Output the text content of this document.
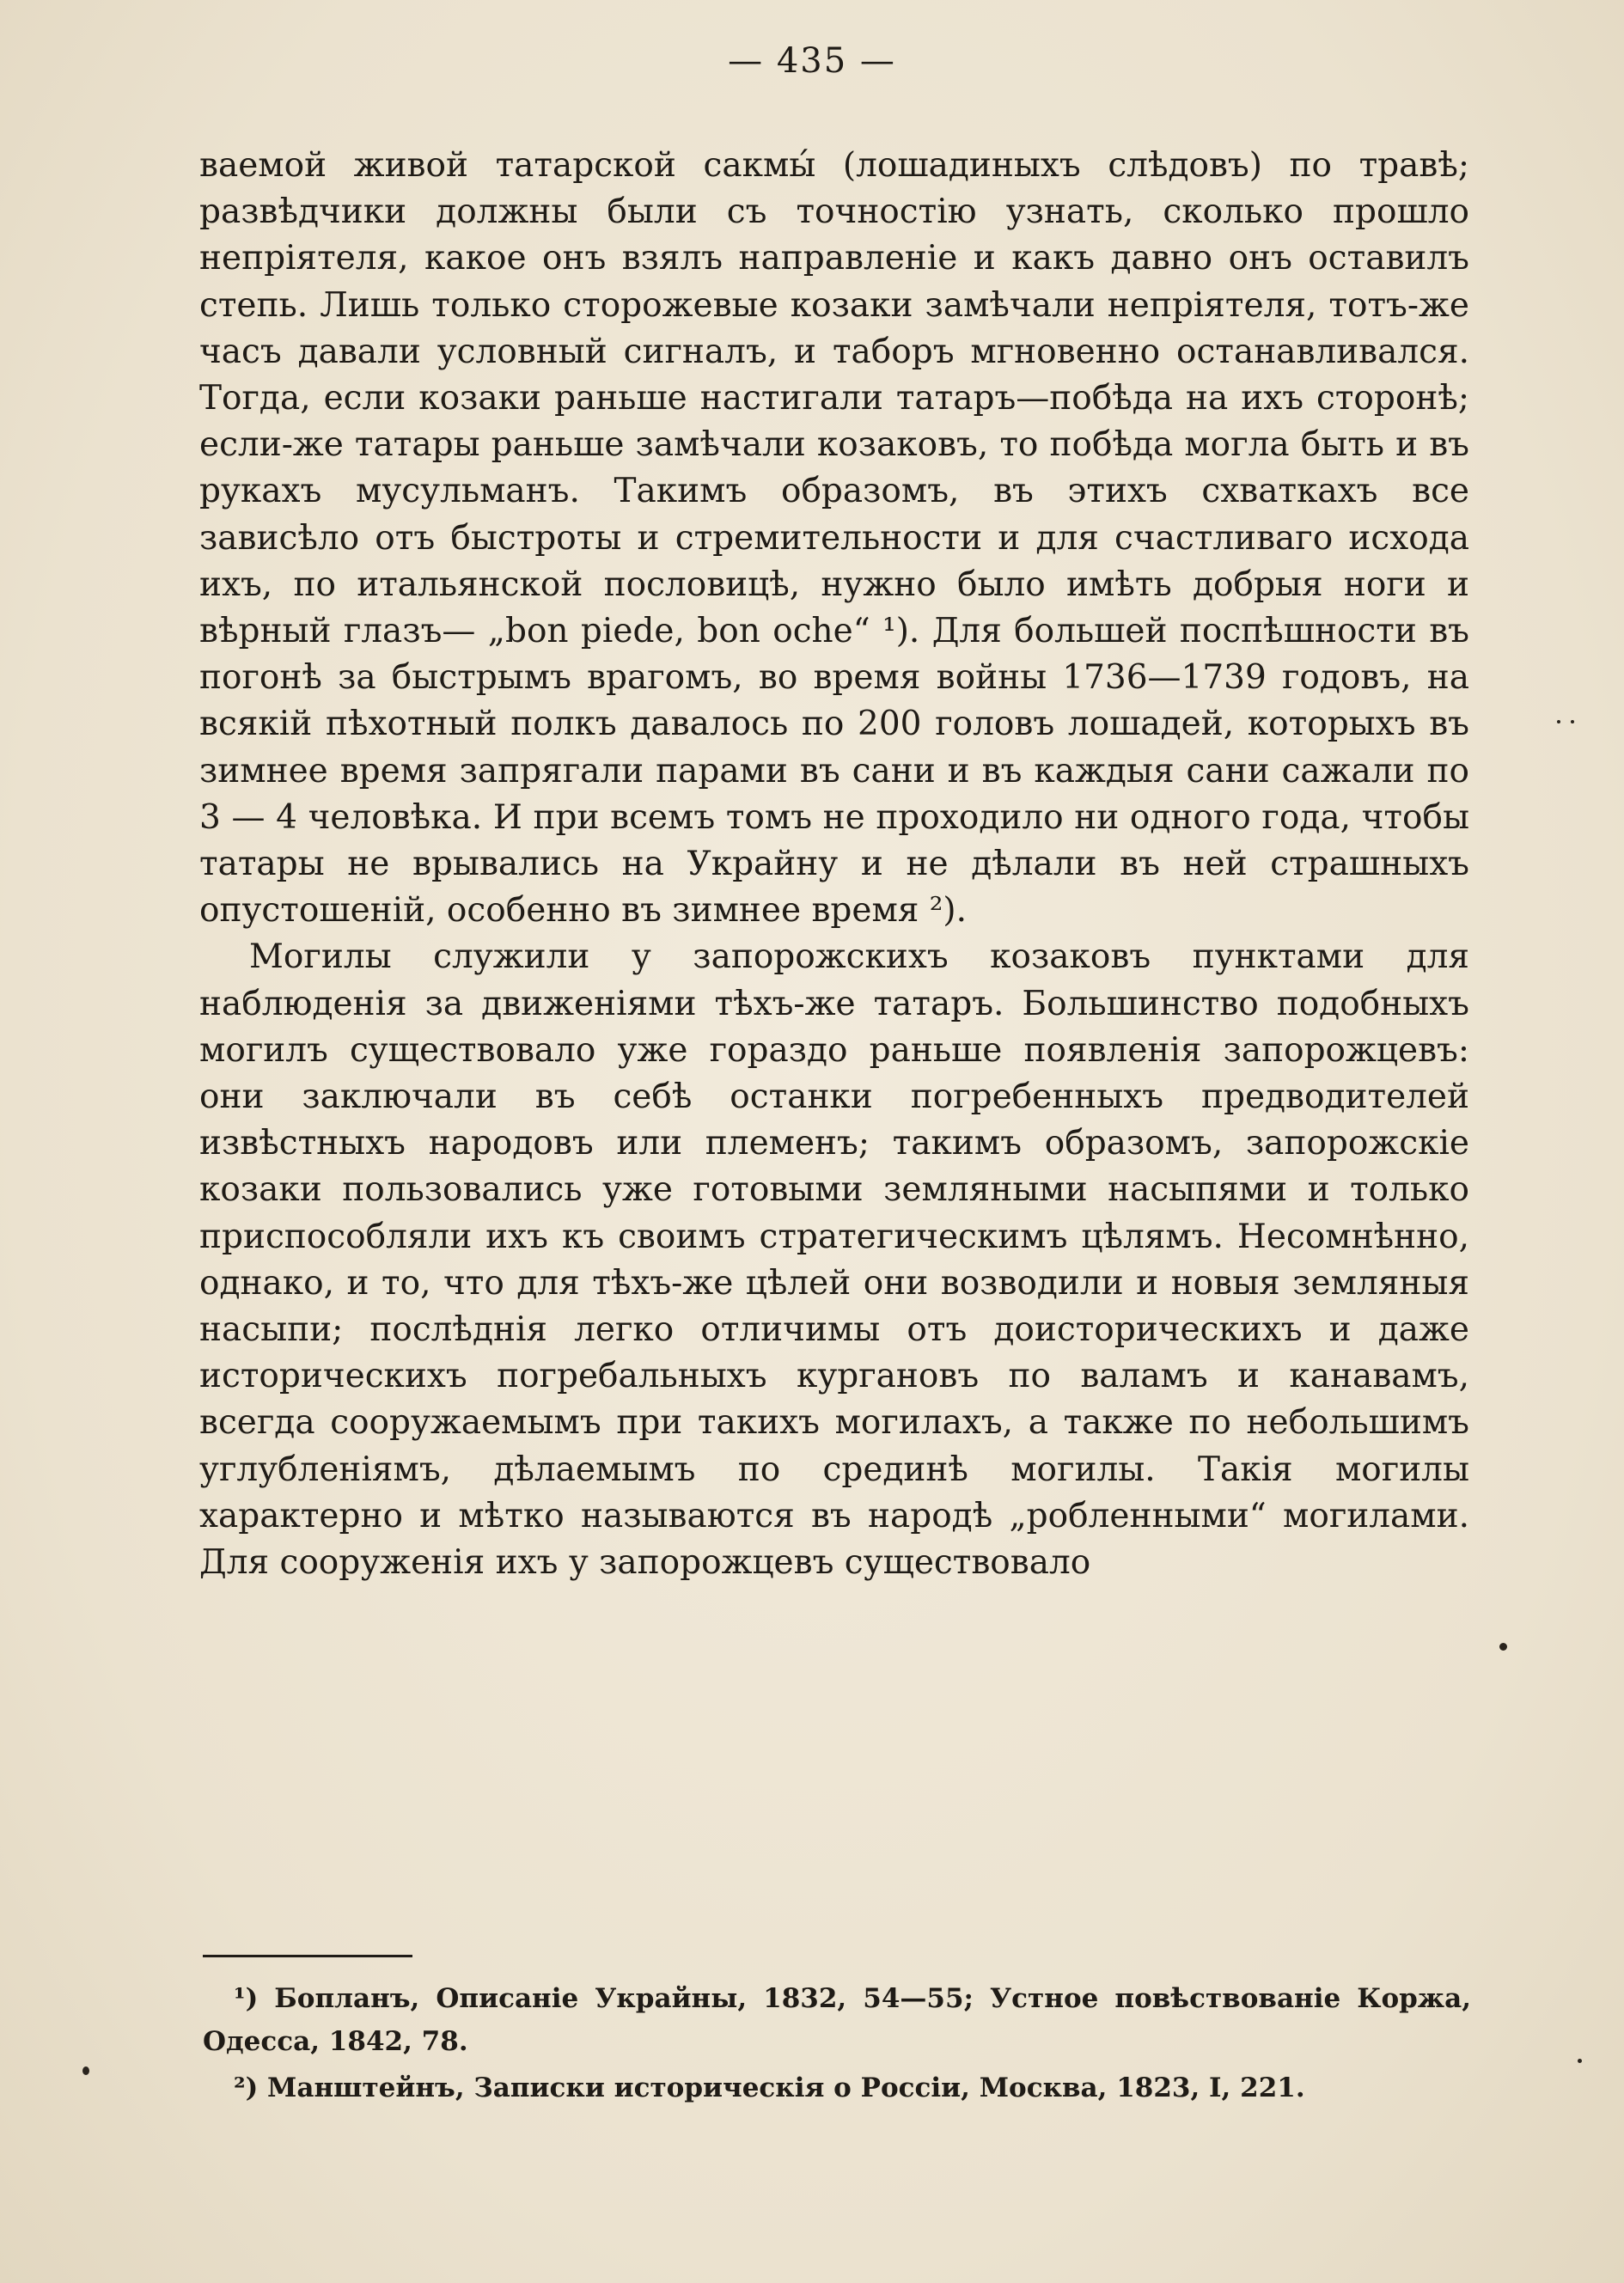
— 435 —

ваемой живой татарской сакмы́ (лошадиныхъ слѣдовъ) по травѣ; развѣдчики должны были съ точностію узнать, сколько прошло непріятеля, какое онъ взялъ направленіе и какъ давно онъ оставилъ степь. Лишь только сторожевые козаки замѣчали непріятеля, тотъ-же часъ давали условный сигналъ, и таборъ мгновенно останавливался. Тогда, если козаки раньше настигали татаръ—побѣда на ихъ сторонѣ; если-же татары раньше замѣчали козаковъ, то побѣда могла быть и въ рукахъ мусульманъ. Такимъ образомъ, въ этихъ схваткахъ все зависѣло отъ быстроты и стремительности и для счастливаго исхода ихъ, по итальянской пословицѣ, нужно было имѣть добрыя ноги и вѣрный глазъ— „bon piede, bon oche“ ¹). Для большей поспѣшности въ погонѣ за быстрымъ врагомъ, во время войны 1736—1739 годовъ, на всякій пѣхотный полкъ давалось по 200 головъ лошадей, которыхъ въ зимнее время запрягали парами въ сани и въ каждыя сани сажали по 3 — 4 человѣка. И при всемъ томъ не проходило ни одного года, чтобы татары не врывались на Украйну и не дѣлали въ ней страшныхъ опустошеній, особенно въ зимнее время ²).

Могилы служили у запорожскихъ козаковъ пунктами для наблюденія за движеніями тѣхъ-же татаръ. Большинство подобныхъ могилъ существовало уже гораздо раньше появленія запорожцевъ: они заключали въ себѣ останки погребенныхъ предводителей извѣстныхъ народовъ или племенъ; такимъ образомъ, запорожскіе козаки пользовались уже готовыми земляными насыпями и только приспособляли ихъ къ своимъ стратегическимъ цѣлямъ. Несомнѣнно, однако, и то, что для тѣхъ-же цѣлей они возводили и новыя земляныя насыпи; послѣднія легко отличимы отъ доисторическихъ и даже историческихъ погребальныхъ кургановъ по валамъ и канавамъ, всегда сооружаемымъ при такихъ могилахъ, а также по небольшимъ углубленіямъ, дѣлаемымъ по срединѣ могилы. Такія могилы характерно и мѣтко называются въ народѣ „робленными“ могилами. Для сооруженія ихъ у запорожцевъ существовало

¹) Бопланъ, Описаніе Украйны, 1832, 54—55; Устное повѣствованіе Коржа, Одесса, 1842, 78.

²) Манштейнъ, Записки историческія о Россіи, Москва, 1823, I, 221.
